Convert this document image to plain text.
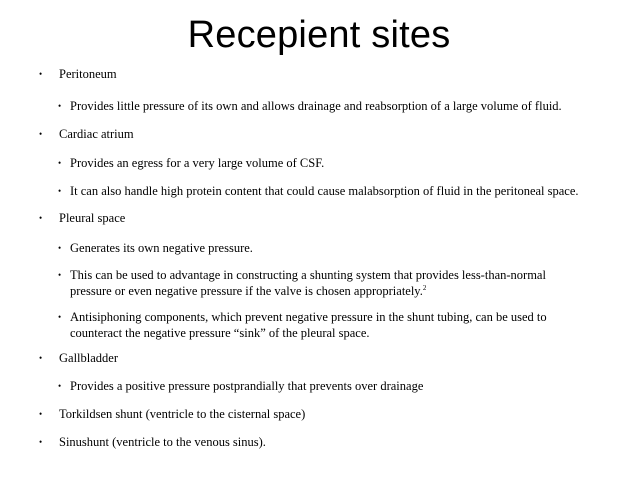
Recepient sites
• Peritoneum
• Provides little pressure of its own and allows drainage and reabsorption of a large volume of fluid.
• Cardiac atrium
• Provides an egress for a very large volume of CSF.
• It can also handle high protein content that could cause malabsorption of fluid in the peritoneal space.
• Pleural space
• Generates its own negative pressure.
• This can be used to advantage in constructing a shunting system that provides less-than-normal
pressure or even negative pressure if the valve is chosen appropriately.$^2$
• Antisiphoning components, which prevent negative pressure in the shunt tubing, can be used to
counteract the negative pressure “sink” of the pleural space.
• Gallbladder
• Provides a positive pressure postprandially that prevents over drainage
• Torkildsen shunt (ventricle to the cisternal space)
• Sinushunt (ventricle to the venous sinus).
